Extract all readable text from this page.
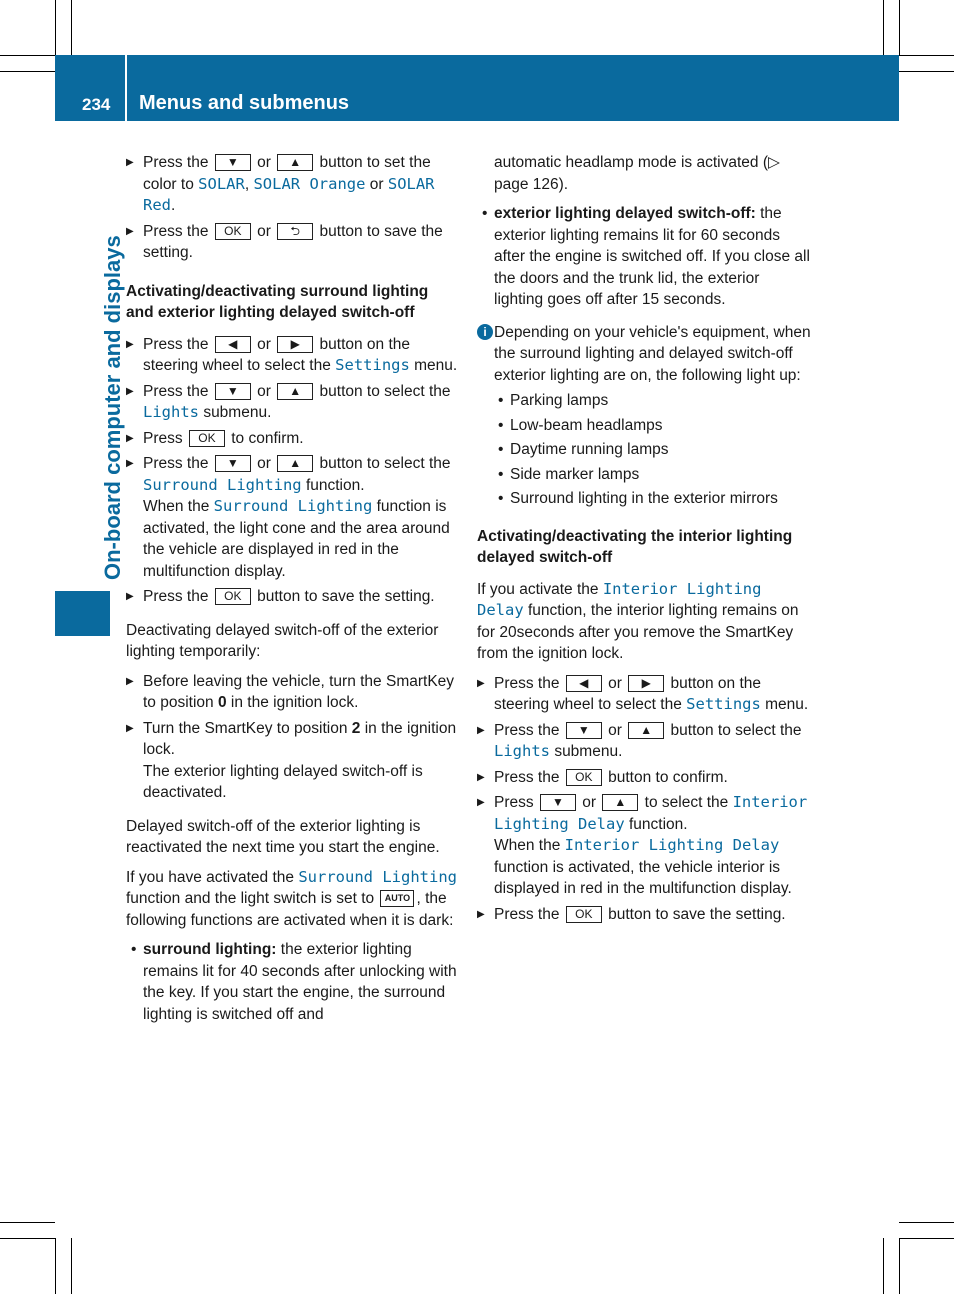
234 Menus and submenus
On-board computer and displays

▶ Press the ▼ or ▲ button to set the color to SOLAR, SOLAR Orange or SOLAR Red.

▶ Press the OK or ⮌ button to save the setting.

Activating/deactivating surround lighting and exterior lighting delayed switch-off

▶ Press the ◀ or ▶ button on the steering wheel to select the Settings menu.

▶ Press the ▼ or ▲ button to select the Lights submenu.

▶ Press OK to confirm.

▶ Press the ▼ or ▲ button to select the Surround Lighting function.
When the Surround Lighting function is activated, the light cone and the area around the vehicle are displayed in red in the multifunction display.

▶ Press the OK button to save the setting.

Deactivating delayed switch-off of the exterior lighting temporarily:

▶ Before leaving the vehicle, turn the SmartKey to position 0 in the ignition lock.

▶ Turn the SmartKey to position 2 in the ignition lock.
The exterior lighting delayed switch-off is deactivated.

Delayed switch-off of the exterior lighting is reactivated the next time you start the engine.

If you have activated the Surround Lighting function and the light switch is set to AUTO , the following functions are activated when it is dark:

• surround lighting: the exterior lighting remains lit for 40 seconds after unlocking with the key. If you start the engine, the surround lighting is switched off and

automatic headlamp mode is activated (▷ page 126).

• exterior lighting delayed switch-off: the exterior lighting remains lit for 60 seconds after the engine is switched off. If you close all the doors and the trunk lid, the exterior lighting goes off after 15 seconds.

i Depending on your vehicle's equipment, when the surround lighting and delayed switch-off exterior lighting are on, the following light up:

• Parking lamps

• Low-beam headlamps

• Daytime running lamps

• Side marker lamps

• Surround lighting in the exterior mirrors

Activating/deactivating the interior lighting delayed switch-off

If you activate the Interior Lighting Delay function, the interior lighting remains on for 20seconds after you remove the SmartKey from the ignition lock.

▶ Press the ◀ or ▶ button on the steering wheel to select the Settings menu.

▶ Press the ▼ or ▲ button to select the Lights submenu.

▶ Press the OK button to confirm.

▶ Press ▼ or ▲ to select the Interior Lighting Delay function.
When the Interior Lighting Delay function is activated, the vehicle interior is displayed in red in the multifunction display.

▶ Press the OK button to save the setting.
